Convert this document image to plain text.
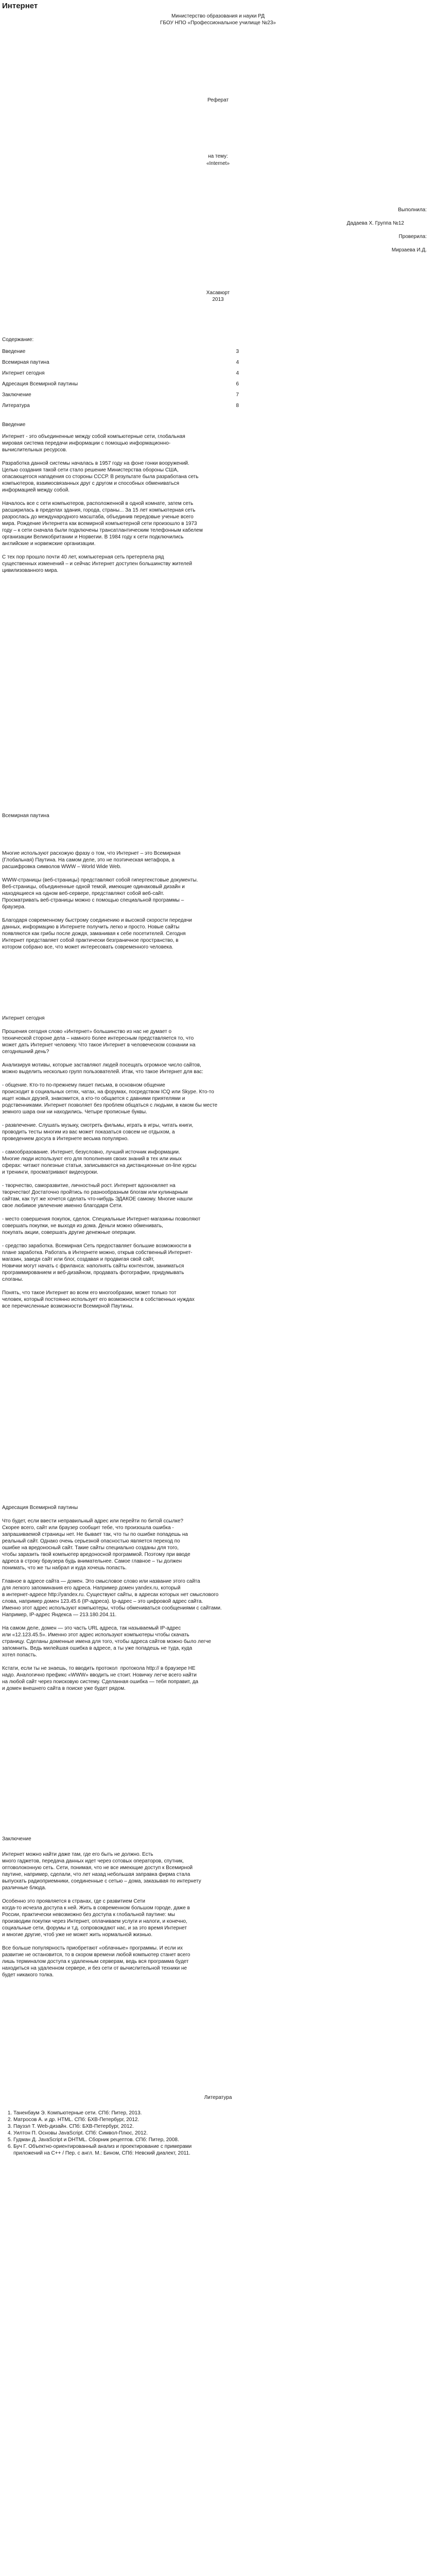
Интернет
Министерство образования и науки РД
ГБОУ НПО «Профессиональное училище №23»
Реферат
на тему:
«Internet»
Выполнила:
Дадаева Х. Группа №12
Проверила:
Мирзаева И.Д.
Хасавюрт
2013
Содержание:
Введение	3
Всемирная паутина	4
Интернет сегодня	4
Адресация Всемирной паутины	6
Заключение	7
Литература	8
Введение

Интернет - это объединенные между собой компьютерные сети, глобальная
мировая система передачи информации с помощью информационно-
вычислительных ресурсов.

Разработка данной системы началась в 1957 году на фоне гонки вооружений.
Целью создания такой сети стало решение Министерства обороны США,
опасающегося нападения со стороны СССР. В результате была разработана сеть
компьютеров, взаимосвязанных друг с другом и способных обмениваться
информацией между собой.

Началось все с сети компьютеров, расположенной в одной комнате, затем сеть
расширилась в пределах здания, города, страны... За 15 лет компьютерная сеть
разрослась до международного масштаба, объединив передовые ученые всего
мира. Рождение Интернета как всемирной компьютерной сети произошло в 1973
году – к сети сначала были подключены трансатлантическим телефонным кабелем
организации Великобритании и Норвегии. В 1984 году к сети подключились
английские и норвежские организации.

С тех пор прошло почти 40 лет, компьютерная сеть претерпела ряд
существенных изменений – и сейчас Интернет доступен большинству жителей
цивилизованного мира.

Всемирная паутина

Многие используют расхожую фразу о том, что Интернет – это Всемирная
(Глобальная) Паутина. На самом деле, это не поэтическая метафора, а
расшифровка символов WWW – World Wide Web.

WWW-страницы (веб-страницы) представляют собой гипертекстовые документы.
Веб-страницы, объединенные одной темой, имеющие одинаковый дизайн и
находящиеся на одном веб-сервере, представляют собой веб-сайт.
Просматривать веб-страницы можно с помощью специальной программы –
браузера.

Благодаря современному быстрому соединению и высокой скорости передачи
данных, информацию в Интернете получить легко и просто. Новые сайты
появляются как грибы после дождя, заманивая к себе посетителей. Сегодня
Интернет представляет собой практически безграничное пространство, в
котором собрано все, что может интересовать современного человека.

Интернет сегодня

Прошения сегодня слово «Интернет» большинство из нас не думает о
технической стороне дела – намного более интересным представляется то, что
может дать Интернет человеку. Что такое Интернет в человеческом сознании на
сегодняшний день?

Анализируя мотивы, которые заставляют людей посещать огромное число сайтов,
можно выделить несколько групп пользователей. Итак, что такое Интернет для вас:

- общение. Кто-то по-прежнему пишет письма, в основном общение
происходит в социальных сетях, чатах, на форумах, посредством ICQ или Skype. Кто-то
ищет новых друзей, знакомится, а кто-то общается с давними приятелями и
родственниками. Интернет позволяет без проблем общаться с людьми, в каком бы месте
земного шара они ни находились. Четыре прописные буквы.

- развлечение. Слушать музыку, смотреть фильмы, играть в игры, читать книги,
проводить тесты многим из вас может показаться совсем не отдыхом, а
проведением досуга в Интернете весьма популярно.

- самообразование. Интернет, безусловно, лучший источник информации.
Многие люди используют его для пополнения своих знаний в тех или иных
сферах: читают полезные статьи, записываются на дистанционные on-line курсы
и тренинги, просматривают видеоуроки.

- творчество, саморазвитие, личностный рост. Интернет вдохновляет на
творчество! Достаточно пройтись по разнообразным блогам или кулинарным
сайтам, как тут же хочется сделать что-нибудь ЭДАКОЕ самому. Многие нашли
свое любимое увлечение именно благодаря Сети.

- место совершения покупок, сделок. Специальные Интернет-магазины позволяют
совершать покупки, не выходя из дома. Деньги можно обменивать,
покупать акции, совершать другие денежные операции.

- средство заработка. Всемирная Сеть предоставляет большие возможности в
плане заработка. Работать в Интернете можно, открыв собственный Интернет-
магазин, заведя сайт или блог, создавая и продвигая свой сайт,
Новички могут начать с фриланса: наполнять сайты контентом, заниматься
программированием и веб-дизайном, продавать фотографии, придумывать
слоганы.

Понять, что такое Интернет во всем его многообразии, может только тот
человек, который постоянно использует его возможности в собственных нуждах
все перечисленные возможности Всемирной Паутины.

Адресация Всемирной паутины

Что будет, если ввести неправильный адрес или перейти по битой ссылке?
Скорее всего, сайт или браузер сообщит тебе, что произошла ошибка -
запрашиваемой страницы нет. Не бывает так, что ты по ошибке попадешь на
реальный сайт. Однако очень серьезной опасностью является переход по
ошибке на вредоносный сайт. Такие сайты специально созданы для того,
чтобы заразить твой компьютер вредоносной программой. Поэтому при вводе
адреса в строку браузера будь внимательнее. Самое главное – ты должен
понимать, что же ты набрал и куда хочешь попасть.

Главное в адресе сайта — домен. Это смысловое слово или название этого сайта
для легкого запоминания его адреса. Например домен yandex.ru, который
в интернет-адресе http://yandex.ru. Существуют сайты, в адресах которых нет смыслового
слова, например домен 123.45.6 (IP-адреса). Ip-адрес – это цифровой адрес сайта.
Именно этот адрес используют компьютеры, чтобы обмениваться сообщениями с сайтами.
Например, IP-адрес Яндекса — 213.180.204.11.

На самом деле, домен — это часть URL адреса, так называемый IP-адрес
или «12.123.45.5». Именно этот адрес используют компьютеры чтобы скачать
страницу. Сделаны доменные имена для того, чтобы адреса сайтов можно было легче
запомнить. Ведь милейшая ошибка в адресе, а ты уже попадешь не туда, куда
хотел попасть.

Кстати, если ты не знаешь, то вводить протокол  протокола http:// в браузере НЕ
надо. Аналогично префикс «WWW» вводить не стоит. Новичку легче всего найти
на любой сайт через поисковую систему. Сделанная ошибка — тебя поправит, да
и домен внешнего сайта в поиске уже будет рядом.

Заключение

Интернет можно найти даже там, где его быть не должно. Есть
много гаджетов, передача данных идет через сотовых операторов, спутник,
оптоволоконную сеть. Сети, понимая, что не все имеющие доступ к Всемирной
паутине, например, сделали, что лет назад небольшая заправка фирма стала
выпускать радиоприемники, соединенные с сетью – дома, заказывая по интернету
различные блюда.

Особенно это проявляется в странах, где с развитием Сети
когда-то исчезла доступа к ней. Жить в современном большом городе, даже в
России, практически невозможно без доступа к глобальной паутине: мы
производим покупки через Интернет, оплачиваем услуги и налоги, и конечно,
социальные сети, форумы и т.д. сопровождают нас, и за это время Интернет
и многие другие, чтоб уже не может жить нормальной жизнью.

Все больше популярность приобретают «облачные» программы. И если их
развитие не остановится, то в скором времени любой компьютер станет всего
лишь терминалом доступа к удаленным серверам, ведь вся программа будет
находиться на удаленном сервере, и без сети от вычислительной техники не
будет никакого толка.

Литература
1. Таненбаум Э. Компьютерные сети. СПб: Питер, 2013.
2. Матросов А. и др. HTML. СПб: БХВ-Петербург, 2012.
3. Паузэл Т. Web-дизайн. СПб: БХВ-Петербург, 2012.
4. Уилтон П. Основы JavaScript. СПб: Символ-Плюс, 2012.
5. Гудман Д. JavaScript и DHTML. Сборник рецептов. СПб: Питер, 2008.
6. Буч Г. Объектно-ориентированный анализ и проектирование с примерами
приложений на C++ / Пер. с англ. М.: Бином, СПб: Невский диалект, 2011.
